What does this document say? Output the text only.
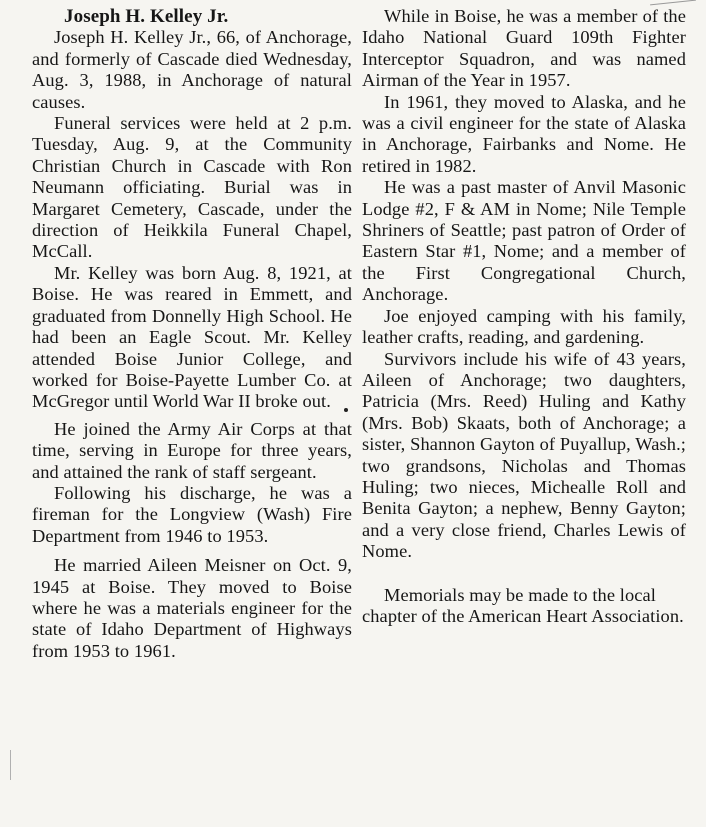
Joseph H. Kelley Jr.

Joseph H. Kelley Jr., 66, of Anchorage, and formerly of Cascade died Wednesday, Aug. 3, 1988, in Anchorage of natural causes.

Funeral services were held at 2 p.m. Tuesday, Aug. 9, at the Community Christian Church in Cascade with Ron Neumann officiating. Burial was in Margaret Cemetery, Cascade, under the direction of Heikkila Funeral Chapel, McCall.

Mr. Kelley was born Aug. 8, 1921, at Boise. He was reared in Emmett, and graduated from Donnelly High School. He had been an Eagle Scout. Mr. Kelley attended Boise Junior College, and worked for Boise-Payette Lumber Co. at McGregor until World War II broke out.

He joined the Army Air Corps at that time, serving in Europe for three years, and attained the rank of staff sergeant.

Following his discharge, he was a fireman for the Longview (Wash) Fire Department from 1946 to 1953.

He married Aileen Meisner on Oct. 9, 1945 at Boise. They moved to Boise where he was a materials engineer for the state of Idaho Department of Highways from 1953 to 1961.

While in Boise, he was a member of the Idaho National Guard 109th Fighter Interceptor Squadron, and was named Airman of the Year in 1957.

In 1961, they moved to Alaska, and he was a civil engineer for the state of Alaska in Anchorage, Fairbanks and Nome. He retired in 1982.

He was a past master of Anvil Masonic Lodge #2, F & AM in Nome; Nile Temple Shriners of Seattle; past patron of Order of Eastern Star #1, Nome; and a member of the First Congregational Church, Anchorage.

Joe enjoyed camping with his family, leather crafts, reading, and gardening.

Survivors include his wife of 43 years, Aileen of Anchorage; two daughters, Patricia (Mrs. Reed) Huling and Kathy (Mrs. Bob) Skaats, both of Anchorage; a sister, Shannon Gayton of Puyallup, Wash.; two grandsons, Nicholas and Thomas Huling; two nieces, Michealle Roll and Benita Gayton; a nephew, Benny Gayton; and a very close friend, Charles Lewis of Nome.

Memorials may be made to the local chapter of the American Heart Association.
